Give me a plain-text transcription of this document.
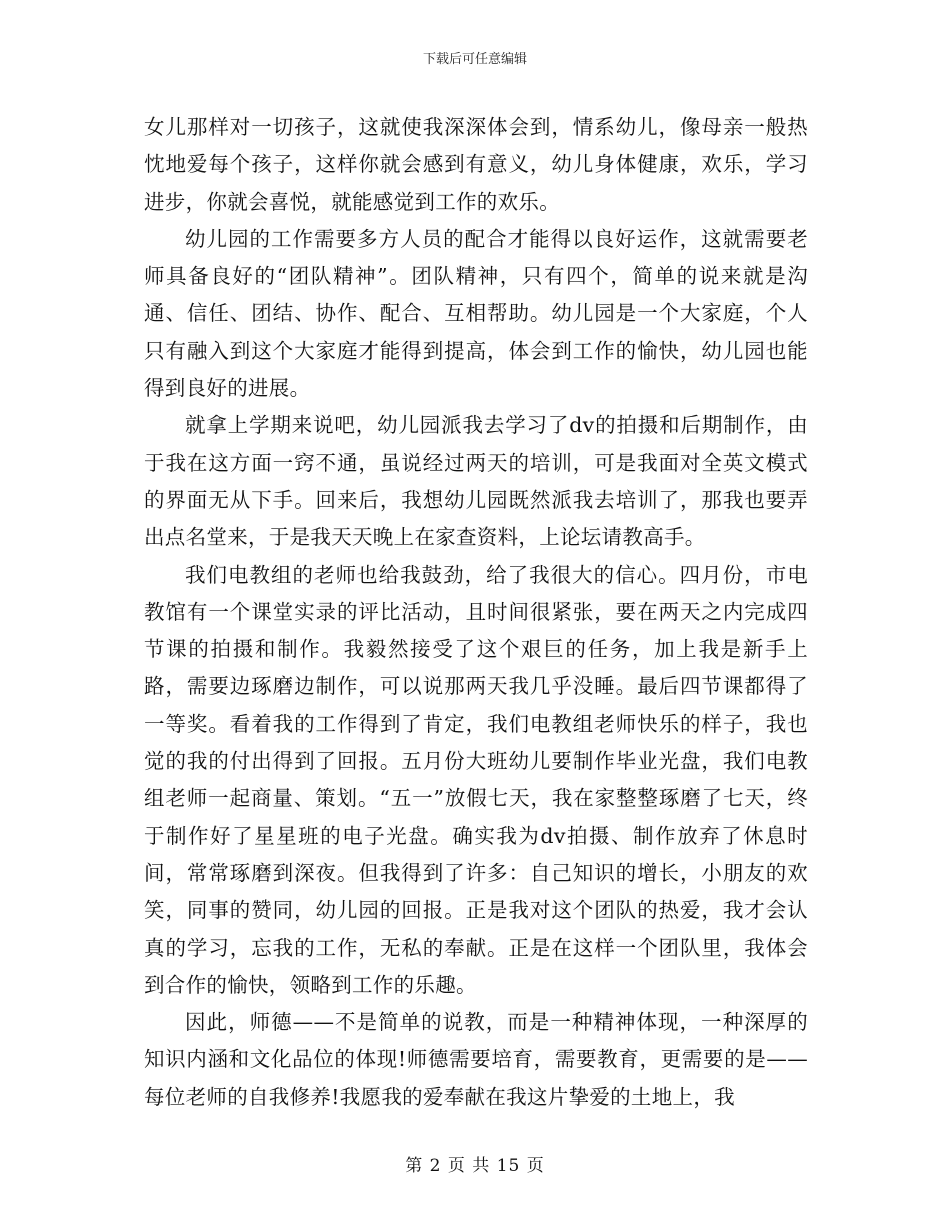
下载后可任意编辑

女儿那样对一切孩子，这就使我深深体会到，情系幼儿，像母亲一般热忱地爱每个孩子，这样你就会感到有意义，幼儿身体健康，欢乐，学习进步，你就会喜悦，就能感觉到工作的欢乐。

幼儿园的工作需要多方人员的配合才能得以良好运作，这就需要老师具备良好的“团队精神”。团队精神，只有四个，简单的说来就是沟通、信任、团结、协作、配合、互相帮助。幼儿园是一个大家庭，个人只有融入到这个大家庭才能得到提高，体会到工作的愉快，幼儿园也能得到良好的进展。

就拿上学期来说吧，幼儿园派我去学习了dv的拍摄和后期制作，由于我在这方面一窍不通，虽说经过两天的培训，可是我面对全英文模式的界面无从下手。回来后，我想幼儿园既然派我去培训了，那我也要弄出点名堂来，于是我天天晚上在家查资料，上论坛请教高手。

我们电教组的老师也给我鼓劲，给了我很大的信心。四月份，市电教馆有一个课堂实录的评比活动，且时间很紧张，要在两天之内完成四节课的拍摄和制作。我毅然接受了这个艰巨的任务，加上我是新手上路，需要边琢磨边制作，可以说那两天我几乎没睡。最后四节课都得了一等奖。看着我的工作得到了肯定，我们电教组老师快乐的样子，我也觉的我的付出得到了回报。五月份大班幼儿要制作毕业光盘，我们电教组老师一起商量、策划。“五一”放假七天，我在家整整琢磨了七天，终于制作好了星星班的电子光盘。确实我为dv拍摄、制作放弃了休息时间，常常琢磨到深夜。但我得到了许多：自己知识的增长，小朋友的欢笑，同事的赞同，幼儿园的回报。正是我对这个团队的热爱，我才会认真的学习，忘我的工作，无私的奉献。正是在这样一个团队里，我体会到合作的愉快，领略到工作的乐趣。

因此，师德——不是简单的说教，而是一种精神体现，一种深厚的知识内涵和文化品位的体现!师德需要培育，需要教育，更需要的是——每位老师的自我修养!我愿我的爱奉献在我这片挚爱的土地上，我

第 2 页 共 15 页
